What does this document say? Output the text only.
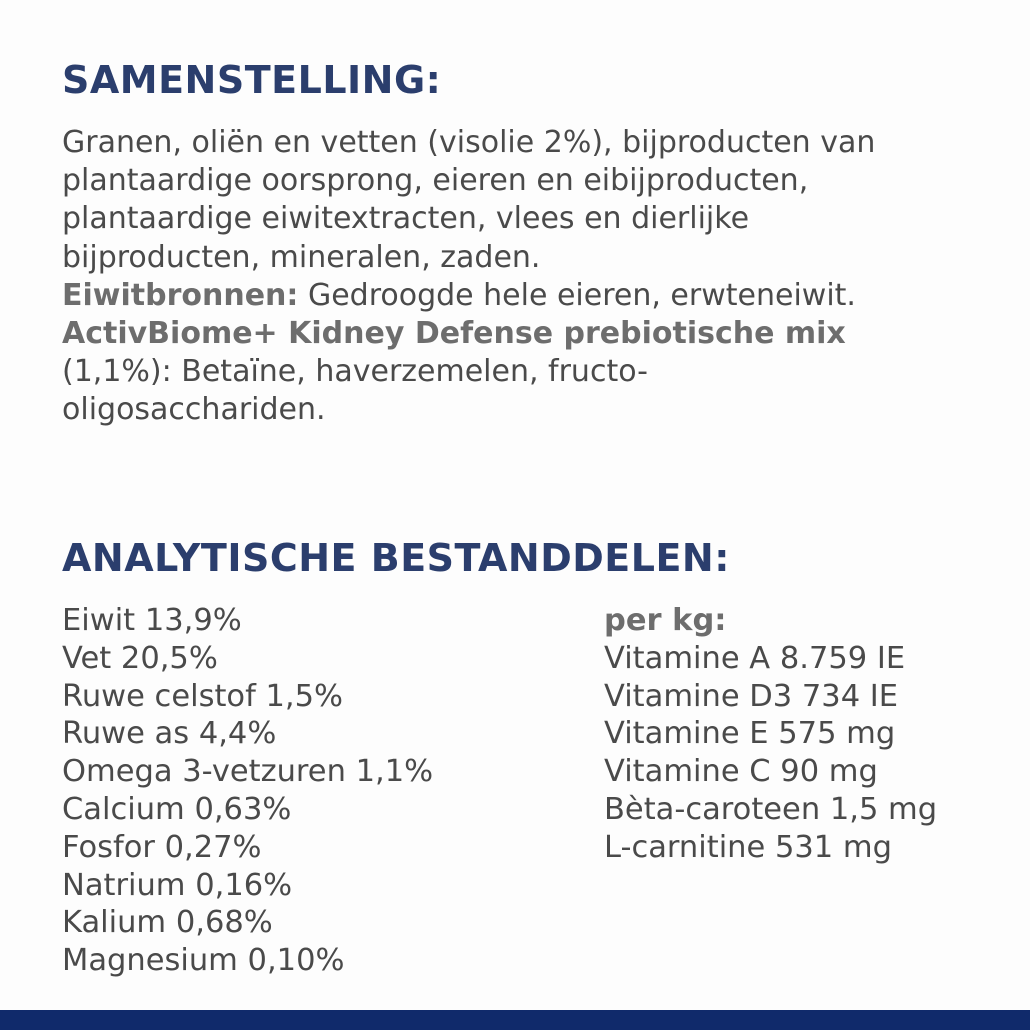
SAMENSTELLING:
Granen, oliën en vetten (visolie 2%), bijproducten van
plantaardige oorsprong, eieren en eibijproducten,
plantaardige eiwitextracten, vlees en dierlijke
bijproducten, mineralen, zaden.
Eiwitbronnen: Gedroogde hele eieren, erwteneiwit.
ActivBiome+ Kidney Defense prebiotische mix
(1,1%): Betaïne, haverzemelen, fructo-
oligosacchariden.
ANALYTISCHE BESTANDDELEN:
Eiwit 13,9%
Vet 20,5%
Ruwe celstof 1,5%
Ruwe as 4,4%
Omega 3-vetzuren 1,1%
Calcium 0,63%
Fosfor 0,27%
Natrium 0,16%
Kalium 0,68%
Magnesium 0,10%
per kg:
Vitamine A 8.759 IE
Vitamine D3 734 IE
Vitamine E 575 mg
Vitamine C 90 mg
Bèta-caroteen 1,5 mg
L-carnitine 531 mg
